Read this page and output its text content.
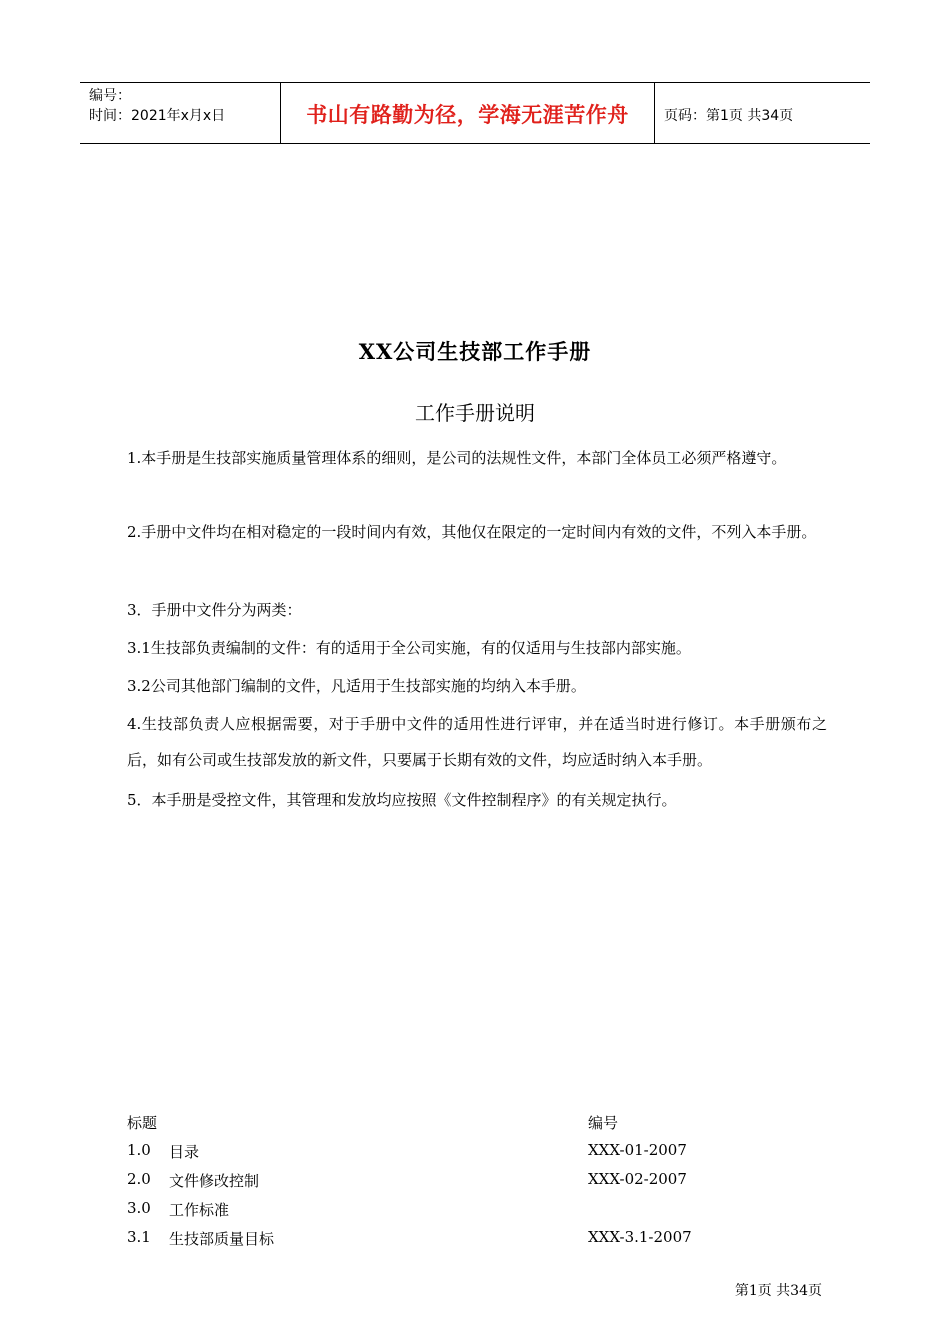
编号：
时间：2021年x月x日	书山有路勤为径，学海无涯苦作舟	页码：第1页 共34页
XX公司生技部工作手册
工作手册说明

1.本手册是生技部实施质量管理体系的细则，是公司的法规性文件，本部门全体员工必须严格遵守。

2.手册中文件均在相对稳定的一段时间内有效，其他仅在限定的一定时间内有效的文件，不列入本手册。

3．手册中文件分为两类：

3.1生技部负责编制的文件：有的适用于全公司实施，有的仅适用与生技部内部实施。

3.2公司其他部门编制的文件，凡适用于生技部实施的均纳入本手册。

4.生技部负责人应根据需要，对于手册中文件的适用性进行评审，并在适当时进行修订。本手册颁布之后，如有公司或生技部发放的新文件，只要属于长期有效的文件，均应适时纳入本手册。

5．本手册是受控文件，其管理和发放均应按照《文件控制程序》的有关规定执行。

标题	编号
1.0 目录	XXX-01-2007
2.0 文件修改控制	XXX-02-2007
3.0 工作标准
3.1 生技部质量目标	XXX-3.1-2007
第1页 共34页
